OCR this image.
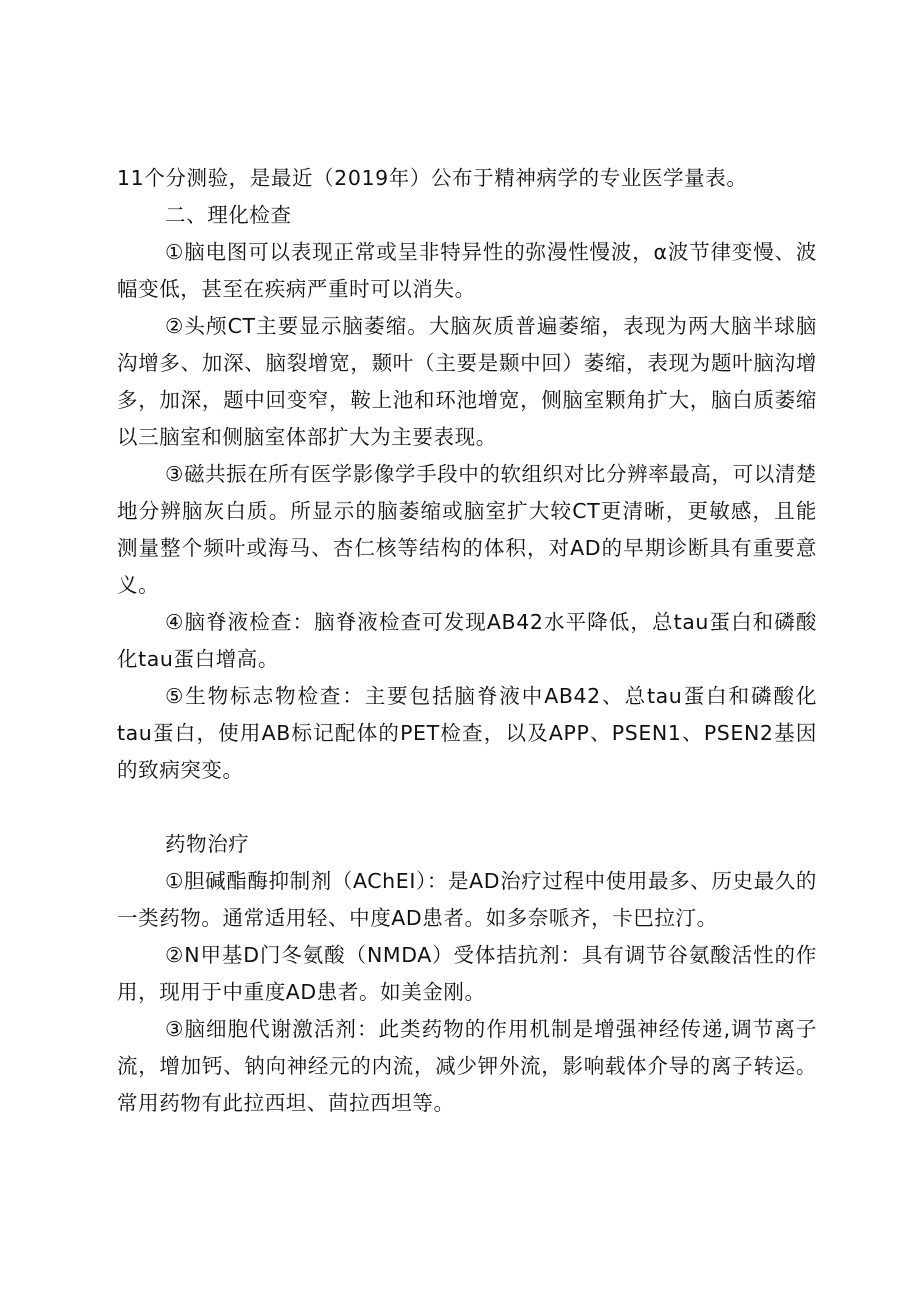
11个分测验，是最近（2019年）公布于精神病学的专业医学量表。

二、理化检查

①脑电图可以表现正常或呈非特异性的弥漫性慢波，α波节律变慢、波幅变低，甚至在疾病严重时可以消失。

②头颅CT主要显示脑萎缩。大脑灰质普遍萎缩，表现为两大脑半球脑沟增多、加深、脑裂增宽，颞叶（主要是颞中回）萎缩，表现为题叶脑沟增多，加深，题中回变窄，鞍上池和环池增宽，侧脑室颗角扩大，脑白质萎缩以三脑室和侧脑室体部扩大为主要表现。

③磁共振在所有医学影像学手段中的软组织对比分辨率最高，可以清楚地分辨脑灰白质。所显示的脑萎缩或脑室扩大较CT更清晰，更敏感，且能测量整个频叶或海马、杏仁核等结构的体积，对AD的早期诊断具有重要意义。

④脑脊液检查：脑脊液检查可发现AB42水平降低，总tau蛋白和磷酸化tau蛋白增高。

⑤生物标志物检查：主要包括脑脊液中AB42、总tau蛋白和磷酸化tau蛋白，使用AB标记配体的PET检查，以及APP、PSEN1、PSEN2基因的致病突变。

药物治疗

①胆碱酯酶抑制剂（AChEI）：是AD治疗过程中使用最多、历史最久的一类药物。通常适用轻、中度AD患者。如多奈哌齐，卡巴拉汀。

②N甲基D门冬氨酸（NMDA）受体拮抗剂：具有调节谷氨酸活性的作用，现用于中重度AD患者。如美金刚。

③脑细胞代谢激活剂：此类药物的作用机制是增强神经传递,调节离子流，增加钙、钠向神经元的内流，减少钾外流，影响载体介导的离子转运。常用药物有此拉西坦、茴拉西坦等。
